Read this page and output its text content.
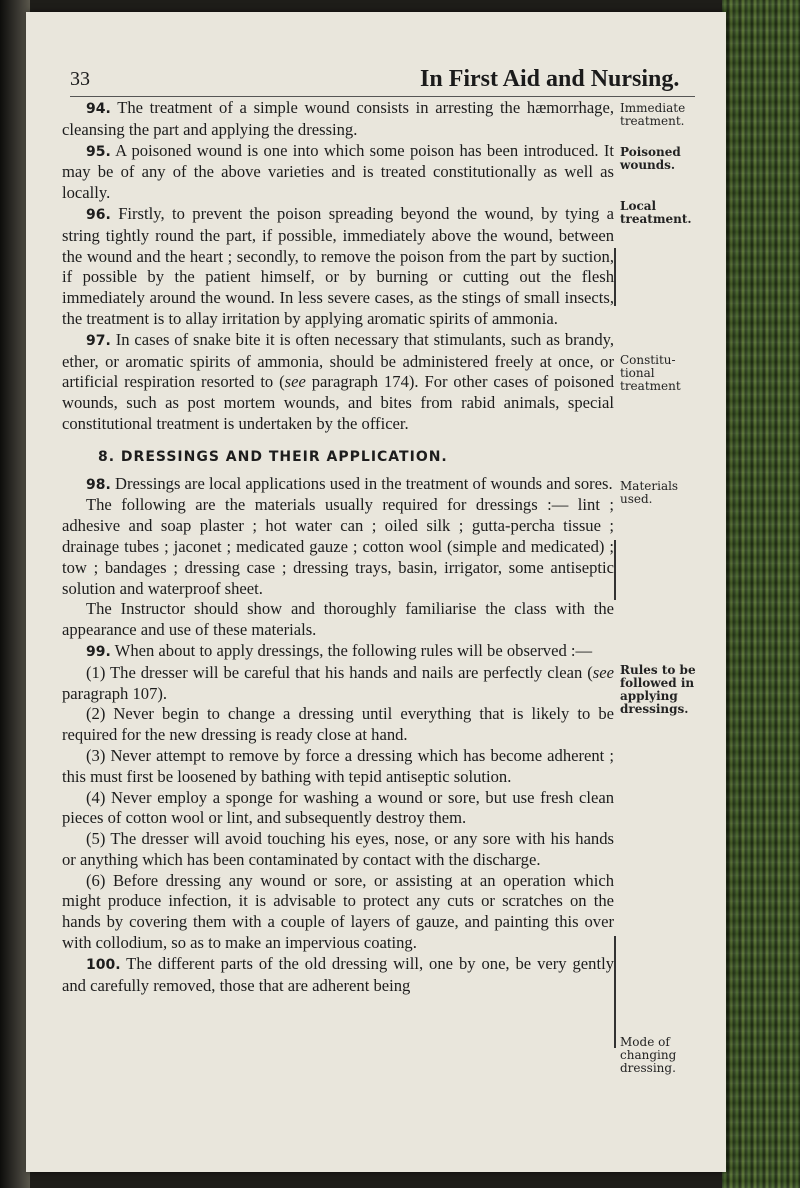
33	In First Aid and Nursing.

94. The treatment of a simple wound consists in arresting the hæmorrhage, cleansing the part and applying the dressing.

95. A poisoned wound is one into which some poison has been introduced. It may be of any of the above varieties and is treated constitutionally as well as locally.

96. Firstly, to prevent the poison spreading beyond the wound, by tying a string tightly round the part, if possible, immediately above the wound, between the wound and the heart ; secondly, to remove the poison from the part by suction, if possible by the patient himself, or by burning or cutting out the flesh immediately around the wound. In less severe cases, as the stings of small insects, the treatment is to allay irritation by applying aromatic spirits of ammonia.

97. In cases of snake bite it is often necessary that stimulants, such as brandy, ether, or aromatic spirits of ammonia, should be administered freely at once, or artificial respiration resorted to (see paragraph 174). For other cases of poisoned wounds, such as post mortem wounds, and bites from rabid animals, special constitutional treatment is undertaken by the officer.

8. DRESSINGS AND THEIR APPLICATION.

98. Dressings are local applications used in the treatment of wounds and sores.

The following are the materials usually required for dressings :— lint ; adhesive and soap plaster ; hot water can ; oiled silk ; gutta-percha tissue ; drainage tubes ; jaconet ; medicated gauze ; cotton wool (simple and medicated) ; tow ; bandages ; dressing case ; dressing trays, basin, irrigator, some antiseptic solution and waterproof sheet.

The Instructor should show and thoroughly familiarise the class with the appearance and use of these materials.

99. When about to apply dressings, the following rules will be observed :—

(1) The dresser will be careful that his hands and nails are perfectly clean (see paragraph 107).

(2) Never begin to change a dressing until everything that is likely to be required for the new dressing is ready close at hand.

(3) Never attempt to remove by force a dressing which has become adherent ; this must first be loosened by bathing with tepid antiseptic solution.

(4) Never employ a sponge for washing a wound or sore, but use fresh clean pieces of cotton wool or lint, and subsequently destroy them.

(5) The dresser will avoid touching his eyes, nose, or any sore with his hands or anything which has been contaminated by contact with the discharge.

(6) Before dressing any wound or sore, or assisting at an operation which might produce infection, it is advisable to protect any cuts or scratches on the hands by covering them with a couple of layers of gauze, and painting this over with collodium, so as to make an impervious coating.

100. The different parts of the old dressing will, one by one, be very gently and carefully removed, those that are adherent being

Immediate treatment.
Poisoned wounds.
Local treatment.
Constitu-tional treatment
Materials used.
Rules to be followed in applying dressings.
Mode of changing dressing.
